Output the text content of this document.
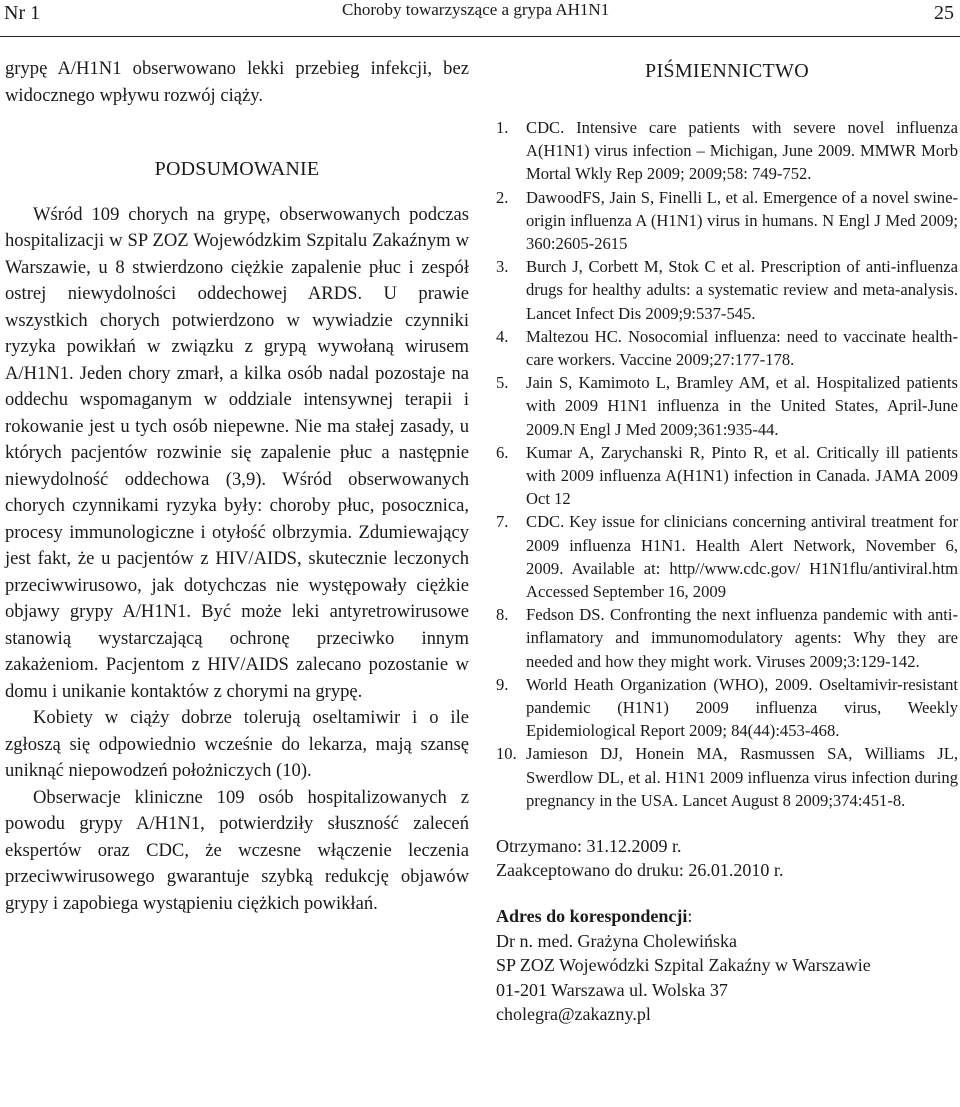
Nr 1	Choroby towarzyszące a grypa AH1N1	25

grypę A/H1N1 obserwowano lekki przebieg infekcji, bez widocznego wpływu rozwój ciąży.

PODSUMOWANIE

Wśród 109 chorych na grypę, obserwowanych podczas hospitalizacji w SP ZOZ Wojewódzkim Szpitalu Zakaźnym w Warszawie, u 8 stwierdzono ciężkie zapalenie płuc i zespół ostrej niewydolności oddechowej ARDS. U prawie wszystkich chorych potwierdzono w wywiadzie czynniki ryzyka powikłań w związku z grypą wywołaną wirusem A/H1N1. Jeden chory zmarł, a kilka osób nadal pozostaje na oddechu wspomaganym w oddziale intensywnej terapii i rokowanie jest u tych osób niepewne. Nie ma stałej zasady, u których pacjentów rozwinie się zapalenie płuc a następnie niewydolność oddechowa (3,9). Wśród obserwowanych chorych czynnikami ryzyka były: choroby płuc, posocznica, procesy immunologiczne i otyłość olbrzymia. Zdumiewający jest fakt, że u pacjentów z HIV/AIDS, skutecznie leczonych przeciwwirusowo, jak dotychczas nie występowały ciężkie objawy grypy A/H1N1. Być może leki antyretrowirusowe stanowią wystarczającą ochronę przeciwko innym zakażeniom. Pacjentom z HIV/AIDS zalecano pozostanie w domu i unikanie kontaktów z chorymi na grypę.

Kobiety w ciąży dobrze tolerują oseltamiwir i o ile zgłoszą się odpowiednio wcześnie do lekarza, mają szansę uniknąć niepowodzeń położniczych (10).

Obserwacje kliniczne 109 osób hospitalizowanych z powodu grypy A/H1N1, potwierdziły słuszność zaleceń ekspertów oraz CDC, że wczesne włączenie leczenia przeciwwirusowego gwarantuje szybką redukcję objawów grypy i zapobiega wystąpieniu ciężkich powikłań.

PIŚMIENNICTWO
1. CDC. Intensive care patients with severe novel influenza A(H1N1) virus infection – Michigan, June 2009. MMWR Morb Mortal Wkly Rep 2009; 2009;58: 749-752.
2. DawoodFS, Jain S, Finelli L, et al. Emergence of a novel swine-origin influenza A (H1N1) virus in humans. N Engl J Med 2009; 360:2605-2615
3. Burch J, Corbett M, Stok C et al. Prescription of anti-influenza drugs for healthy adults: a systematic review and meta-analysis. Lancet Infect Dis 2009;9:537-545.
4. Maltezou HC. Nosocomial influenza: need to vaccinate health-care workers. Vaccine 2009;27:177-178.
5. Jain S, Kamimoto L, Bramley AM, et al. Hospitalized patients with 2009 H1N1 influenza in the United States, April-June 2009.N Engl J Med 2009;361:935-44.
6. Kumar A, Zarychanski R, Pinto R, et al. Critically ill patients with 2009 influenza A(H1N1) infection in Canada. JAMA 2009 Oct 12
7. CDC. Key issue for clinicians concerning antiviral treatment for 2009 influenza H1N1. Health Alert Network, November 6, 2009. Available at: http//www.cdc.gov/ H1N1flu/antiviral.htm Accessed September 16, 2009
8. Fedson DS. Confronting the next influenza pandemic with anti-inflamatory and immunomodulatory agents: Why they are needed and how they might work. Viruses 2009;3:129-142.
9. World Heath Organization (WHO), 2009. Oseltamivir-resistant pandemic (H1N1) 2009 influenza virus, Weekly Epidemiological Report 2009; 84(44):453-468.
10. Jamieson DJ, Honein MA, Rasmussen SA, Williams JL, Swerdlow DL, et al. H1N1 2009 influenza virus infection during pregnancy in the USA. Lancet August 8 2009;374:451-8.
Otrzymano: 31.12.2009 r.
Zaakceptowano do druku: 26.01.2010 r.
Adres do korespondencji:
Dr n. med. Grażyna Cholewińska
SP ZOZ Wojewódzki Szpital Zakaźny w Warszawie
01-201 Warszawa ul. Wolska 37
cholegra@zakazny.pl
